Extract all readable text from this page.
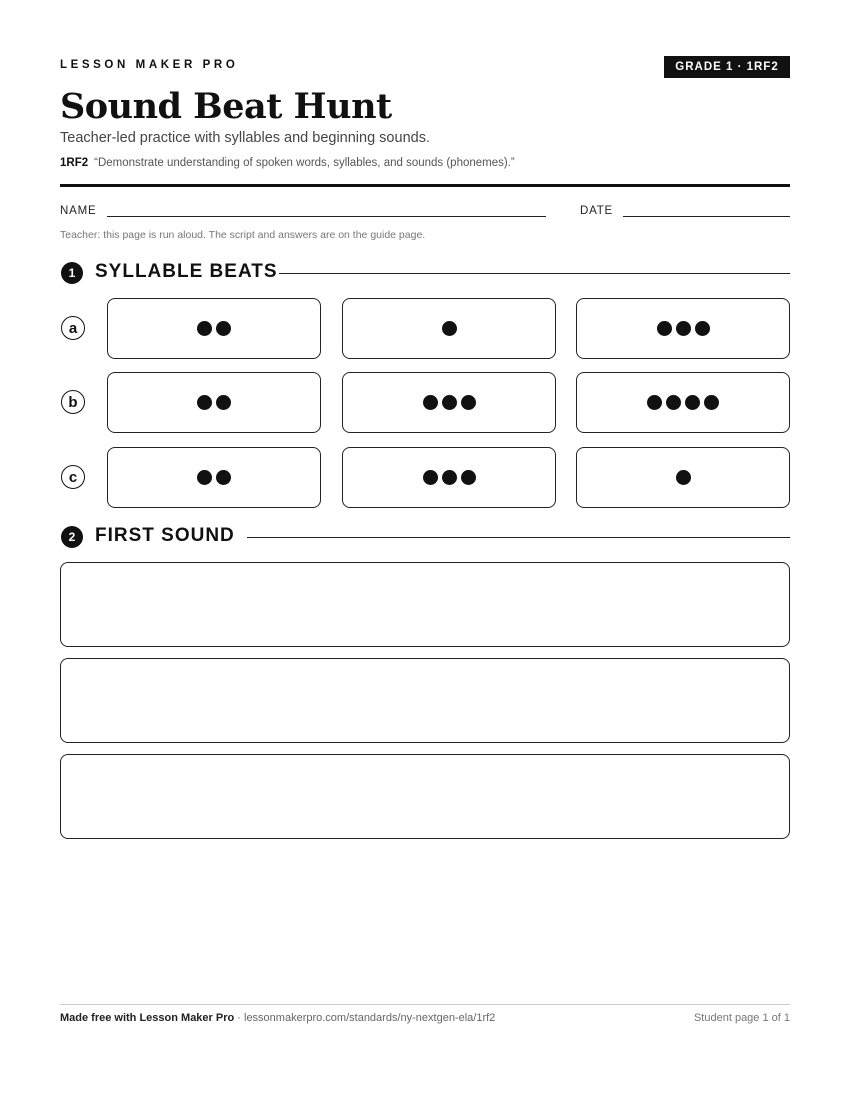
LESSON MAKER PRO	GRADE 1 · 1RF2
Sound Beat Hunt
Teacher-led practice with syllables and beginning sounds.
1RF2 “Demonstrate understanding of spoken words, syllables, and sounds (phonemes).”
NAME	DATE
Teacher: this page is run aloud. The script and answers are on the guide page.
1	SYLLABLE BEATS
a
b
c
2	FIRST SOUND
Made free with Lesson Maker Pro · lessonmakerpro.com/standards/ny-nextgen-ela/1rf2	Student page 1 of 1
